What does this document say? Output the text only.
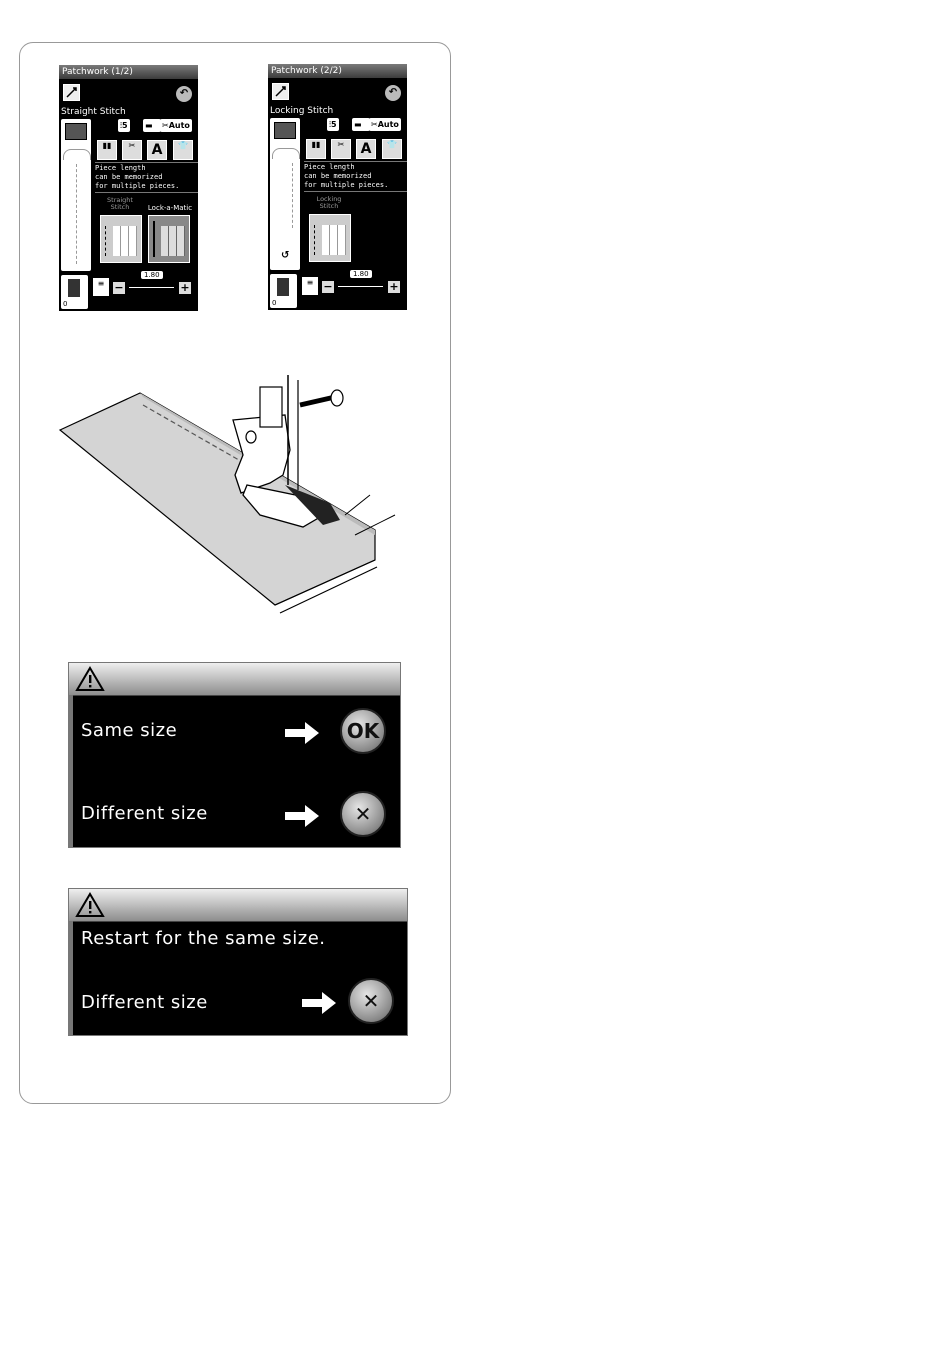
Patchwork (1/2)
↶
Straight Stitch
⫶5 ▬	✂Auto
▮▮	✂	A	👕
Piece length
can be memorized
for multiple pieces.
Straight
Stitch	Lock-a-Matic
0
≡ −
1.80
+
Patchwork (2/2)
↶
Locking Stitch
↺
⫶5 ▬	✂Auto
▮▮	✂	A	👕
Piece length
can be memorized
for multiple pieces.
Locking
Stitch
0
≡ −
1.80
+
Same size	OK
Different size	✕
Restart for the same size.
Different size	✕
